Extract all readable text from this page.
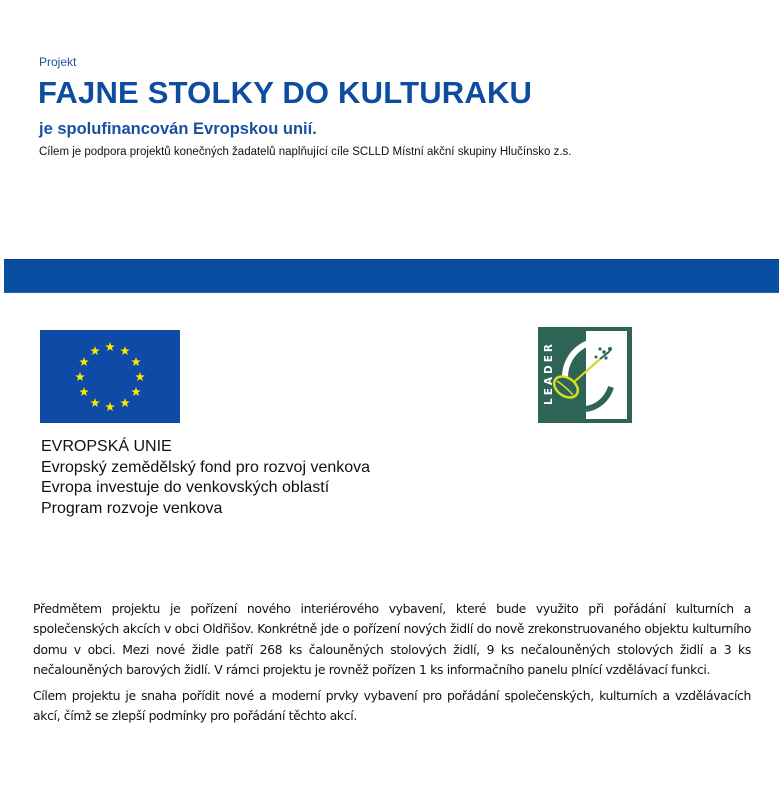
Projekt
FAJNE STOLKY DO KULTURAKU
je spolufinancován Evropskou unií.
Cílem je podpora projektů konečných žadatelů naplňující cíle SCLLD Místní akční skupiny Hlučínsko z.s.
EVROPSKÁ UNIE
Evropský zemědělský fond pro rozvoj venkova
Evropa investuje do venkovských oblastí
Program rozvoje venkova
LEADER

Předmětem projektu je pořízení nového interiérového vybavení, které bude využito při pořádání kulturních a společenských akcích v obci Oldřišov. Konkrétně jde o pořízení nových židlí do nově zrekonstruovaného objektu kulturního domu v obci. Mezi nové židle patří 268 ks čalouněných stolových židlí, 9 ks nečalouněných stolových židlí a 3 ks nečalouněných barových židlí. V rámci projektu je rovněž pořízen 1 ks informačního panelu plnící vzdělávací funkci.

Cílem projektu je snaha pořídit nové a moderní prvky vybavení pro pořádání společenských, kulturních a vzdělávacích akcí, čímž se zlepší podmínky pro pořádání těchto akcí.
